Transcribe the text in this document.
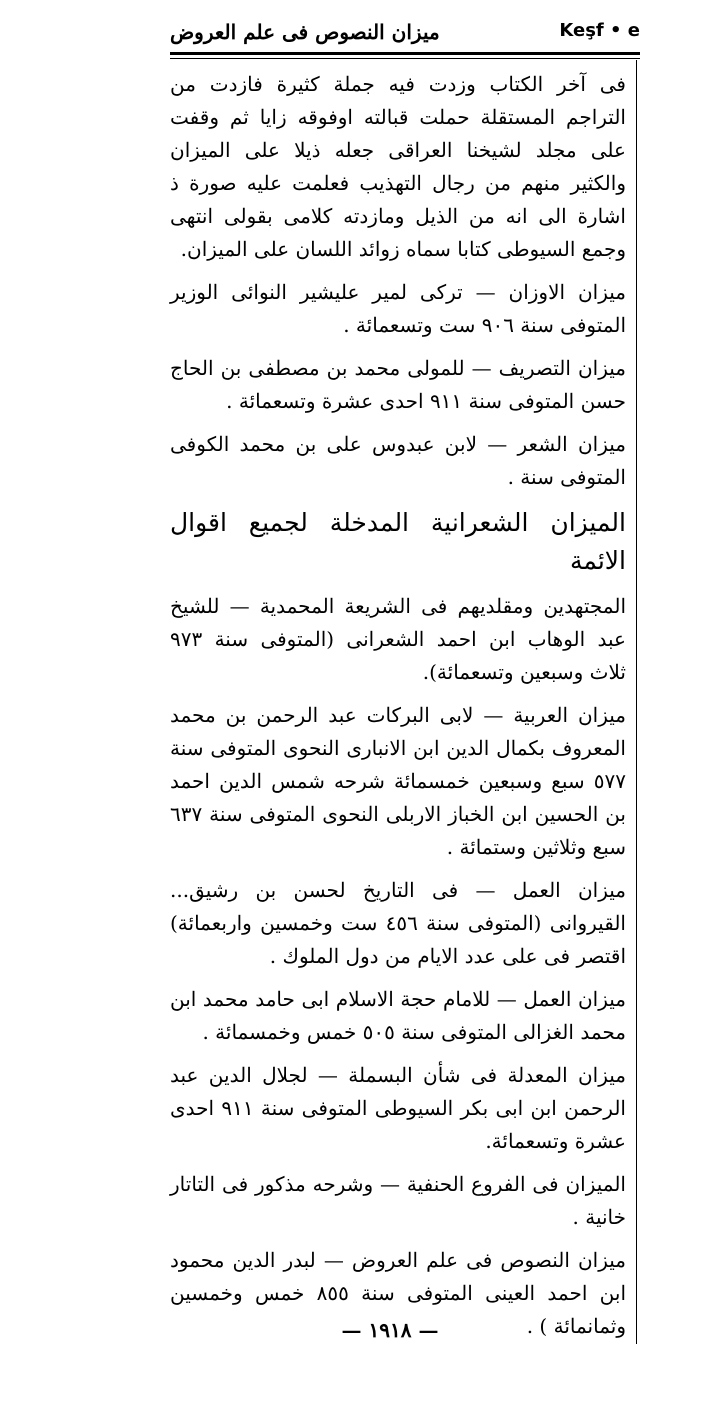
ميزان النصوص فى علم العروض	Keşf • e

فى آخر الكتاب وزدت فيه جملة كثيرة فازدت من التراجم المستقلة حملت قبالته اوفوقه زايا ثم وقفت على مجلد لشيخنا العراقى جعله ذيلا على الميزان والكثير منهم من رجال التهذيب فعلمت عليه صورة ذ اشارة الى انه من الذيل ومازدته كلامى بقولى انتهى وجمع السيوطى كتابا سماه زوائد اللسان على الميزان.

ميزان الاوزان — تركى لمير عليشير النوائى الوزير المتوفى سنة ٩٠٦ ست وتسعمائة .

ميزان التصريف — للمولى محمد بن مصطفى بن الحاج حسن المتوفى سنة ٩١١ احدى عشرة وتسعمائة .

ميزان الشعر — لابن عبدوس على بن محمد الكوفى المتوفى سنة .

الميزان الشعرانية المدخلة لجميع اقوال الائمة

المجتهدين ومقلديهم فى الشريعة المحمدية — للشيخ عبد الوهاب ابن احمد الشعرانى (المتوفى سنة ٩٧٣ ثلاث وسبعين وتسعمائة).

ميزان العربية — لابى البركات عبد الرحمن بن محمد المعروف بكمال الدين ابن الانبارى النحوى المتوفى سنة ٥٧٧ سبع وسبعين خمسمائة شرحه شمس الدين احمد بن الحسين ابن الخباز الاربلى النحوى المتوفى سنة ٦٣٧ سبع وثلاثين وستمائة .

ميزان العمل — فى التاريخ لحسن بن رشيق... القيروانى (المتوفى سنة ٤٥٦ ست وخمسين واربعمائة) اقتصر فى على عدد الايام من دول الملوك .

ميزان العمل — للامام حجة الاسلام ابى حامد محمد ابن محمد الغزالى المتوفى سنة ٥٠٥ خمس وخمسمائة .

ميزان المعدلة فى شأن البسملة — لجلال الدين عبد الرحمن ابن ابى بكر السيوطى المتوفى سنة ٩١١ احدى عشرة وتسعمائة.

الميزان فى الفروع الحنفية — وشرحه مذكور فى التاتار خانية .

ميزان النصوص فى علم العروض — لبدر الدين محمود ابن احمد العينى المتوفى سنة ٨٥٥ خمس وخمسين وثمانمائة ) .

— ١٩١٨ —
